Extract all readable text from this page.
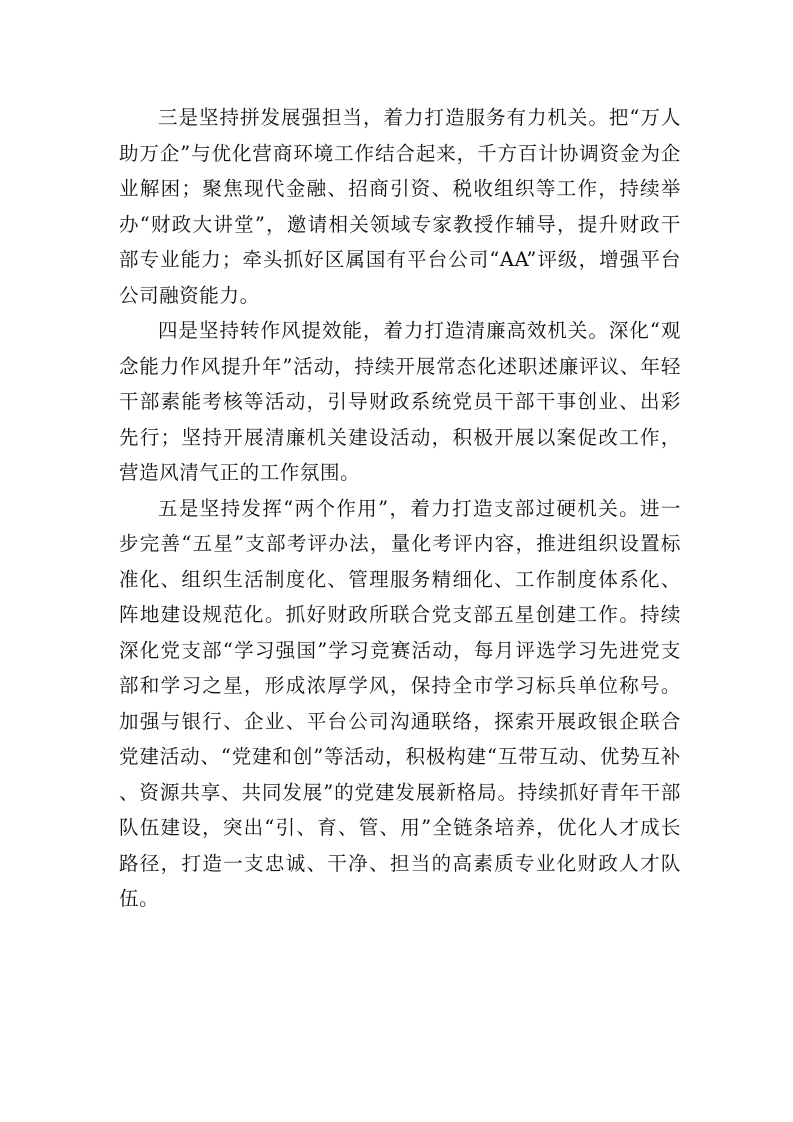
三是坚持拼发展强担当，着力打造服务有力机关。把“万人助万企”与优化营商环境工作结合起来，千方百计协调资金为企业解困；聚焦现代金融、招商引资、税收组织等工作，持续举办“财政大讲堂”，邀请相关领域专家教授作辅导，提升财政干部专业能力；牵头抓好区属国有平台公司“AA”评级，增强平台公司融资能力。

四是坚持转作风提效能，着力打造清廉高效机关。深化“观念能力作风提升年”活动，持续开展常态化述职述廉评议、年轻干部素能考核等活动，引导财政系统党员干部干事创业、出彩先行；坚持开展清廉机关建设活动，积极开展以案促改工作，营造风清气正的工作氛围。

五是坚持发挥“两个作用”，着力打造支部过硬机关。进一步完善“五星”支部考评办法，量化考评内容，推进组织设置标准化、组织生活制度化、管理服务精细化、工作制度体系化、阵地建设规范化。抓好财政所联合党支部五星创建工作。持续深化党支部“学习强国”学习竞赛活动，每月评选学习先进党支部和学习之星，形成浓厚学风，保持全市学习标兵单位称号。加强与银行、企业、平台公司沟通联络，探索开展政银企联合党建活动、“党建和创”等活动，积极构建“互带互动、优势互补、资源共享、共同发展”的党建发展新格局。持续抓好青年干部队伍建设，突出“引、育、管、用”全链条培养，优化人才成长路径，打造一支忠诚、干净、担当的高素质专业化财政人才队伍。
